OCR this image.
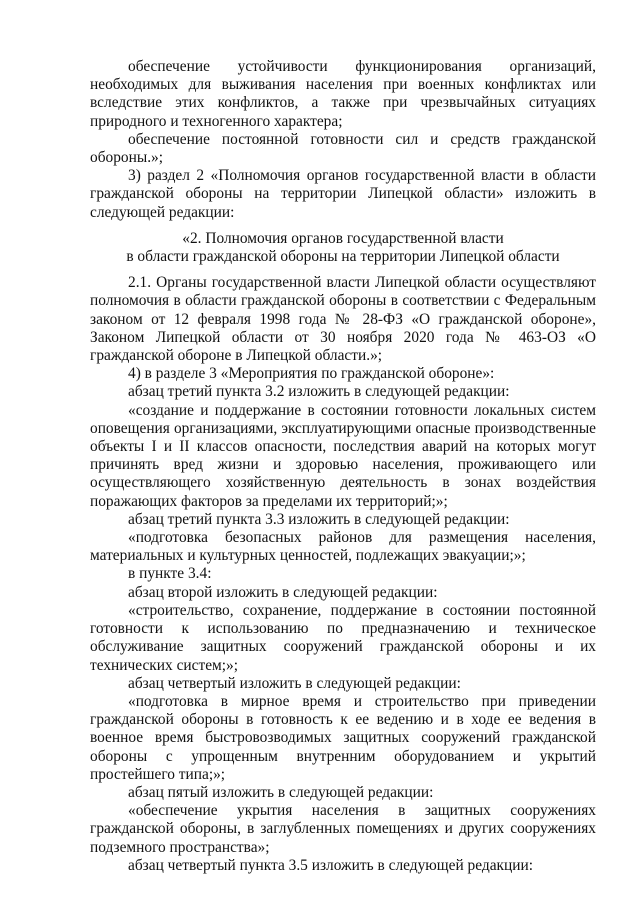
обеспечение устойчивости функционирования организаций, необходимых для выживания населения при военных конфликтах или вследствие этих конфликтов, а также при чрезвычайных ситуациях природного и техногенного характера;

обеспечение постоянной готовности сил и средств гражданской обороны.»;

3) раздел 2 «Полномочия органов государственной власти в области гражданской обороны на территории Липецкой области» изложить в следующей редакции:

«2. Полномочия органов государственной власти

в области гражданской обороны на территории Липецкой области

2.1. Органы государственной власти Липецкой области осуществляют полномочия в области гражданской обороны в соответствии с Федеральным законом от 12 февраля 1998 года № 28-ФЗ «О гражданской обороне», Законом Липецкой области от 30 ноября 2020 года № 463-ОЗ «О гражданской обороне в Липецкой области.»;

4) в разделе 3 «Мероприятия по гражданской обороне»:

абзац третий пункта 3.2 изложить в следующей редакции:

«создание и поддержание в состоянии готовности локальных систем оповещения организациями, эксплуатирующими опасные производственные объекты I и II классов опасности, последствия аварий на которых могут причинять вред жизни и здоровью населения, проживающего или осуществляющего хозяйственную деятельность в зонах воздействия поражающих факторов за пределами их территорий;»;

абзац третий пункта 3.3 изложить в следующей редакции:

«подготовка безопасных районов для размещения населения, материальных и культурных ценностей, подлежащих эвакуации;»;

в пункте 3.4:

абзац второй изложить в следующей редакции:

«строительство, сохранение, поддержание в состоянии постоянной готовности к использованию по предназначению и техническое обслуживание защитных сооружений гражданской обороны и их технических систем;»;

абзац четвертый изложить в следующей редакции:

«подготовка в мирное время и строительство при приведении гражданской обороны в готовность к ее ведению и в ходе ее ведения в военное время быстровозводимых защитных сооружений гражданской обороны с упрощенным внутренним оборудованием и укрытий простейшего типа;»;

абзац пятый изложить в следующей редакции:

«обеспечение укрытия населения в защитных сооружениях гражданской обороны, в заглубленных помещениях и других сооружениях подземного пространства»;

абзац четвертый пункта 3.5 изложить в следующей редакции:
